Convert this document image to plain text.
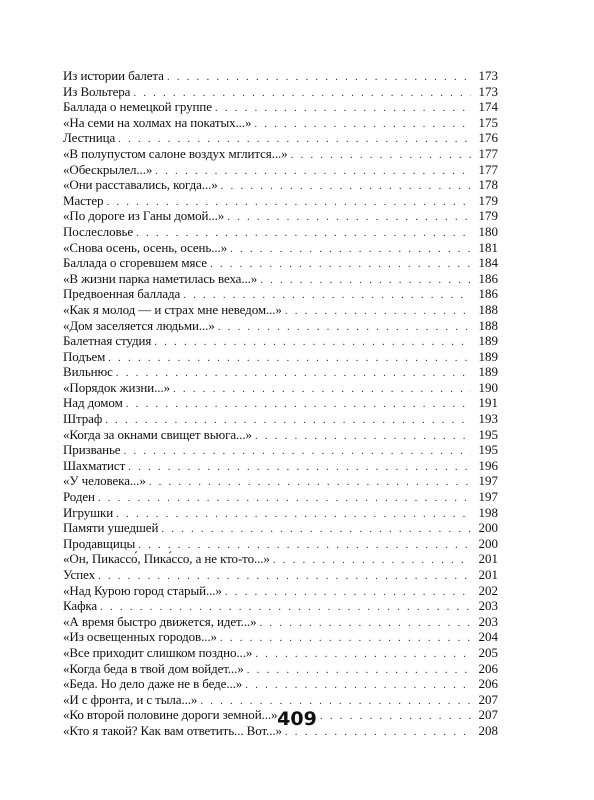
Из истории балета . . .	173
Из Вольтера . . .	173
Баллада о немецкой группе . . .	174
«На семи на холмах на покатых...» . . .	175
Лестница . . .	176
«В полупустом салоне воздух мглится...» . . .	177
«Обескрылел...» . . .	177
«Они расставались, когда...» . . .	178
Мастер . . .	179
«По дороге из Ганы домой...» . . .	179
Послесловье . . .	180
«Снова осень, осень, осень...» . . .	181
Баллада о сгоревшем мясе . . .	184
«В жизни парка наметилась веха...» . . .	186
Предвоенная баллада . . .	186
«Как я молод — и страх мне неведом...» . . .	188
«Дом заселяется людьми...» . . .	188
Балетная студия . . .	189
Подъем . . .	189
Вильнюс . . .	189
«Порядок жизни...» . . .	190
Над домом . . .	191
Штраф . . .	193
«Когда за окнами свищет вьюга...» . . .	195
Призванье . . .	195
Шахматист . . .	196
«У человека...» . . .	197
Роден . . .	197
Игрушки . . .	198
Памяти ушедшей . . .	200
Продавщицы . . .	200
«Он, Пикассо́, Пика́ссо, а не кто-то...» . . .	201
Успех . . .	201
«Над Курою город старый...» . . .	202
Кафка . . .	203
«А время быстро движется, идет...» . . .	203
«Из освещенных городов...» . . .	204
«Все приходит слишком поздно...» . . .	205
«Когда беда в твой дом войдет...» . . .	206
«Беда. Но дело даже не в беде...» . . .	206
«И с фронта, и с тыла...» . . .	207
«Ко второй половине дороги земной...» . . .	207
«Кто я такой? Как вам ответить... Вот...» . . .	208
409
